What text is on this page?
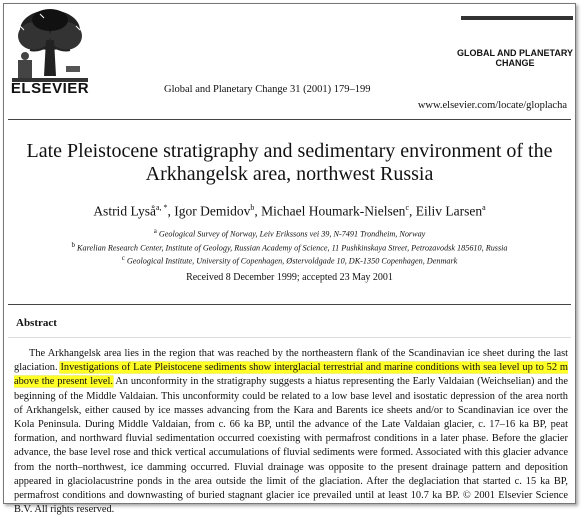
ELSEVIER	Global and Planetary Change 31 (2001) 179–199
GLOBAL AND PLANETARY
CHANGE
www.elsevier.com/locate/gloplacha
Late Pleistocene stratigraphy and sedimentary environment of the
Arkhangelsk area, northwest Russia
Astrid Lyså$^{a, *}$, Igor Demidov$^b$, Michael Houmark-Nielsen$^c$, Eiliv Larsen$^a$
$^a$ Geological Survey of Norway, Leiv Erikssons vei 39, N-7491 Trondheim, Norway
$^b$ Karelian Research Center, Institute of Geology, Russian Academy of Science, 11 Pushkinskaya Street, Petrozavodsk 185610, Russia
$^c$ Geological Institute, University of Copenhagen, Østervoldgade 10, DK-1350 Copenhagen, Denmark
Received 8 December 1999; accepted 23 May 2001
Abstract
The Arkhangelsk area lies in the region that was reached by the northeastern flank of the Scandinavian ice sheet during the last glaciation. Investigations of Late Pleistocene sediments show interglacial terrestrial and marine conditions with sea level up to 52 m above the present level. An unconformity in the stratigraphy suggests a hiatus representing the Early Valdaian (Weichselian) and the beginning of the Middle Valdaian. This unconformity could be related to a low base level and isostatic depression of the area north of Arkhangelsk, either caused by ice masses advancing from the Kara and Barents ice sheets and/or to Scandinavian ice over the Kola Peninsula. During Middle Valdaian, from c. 66 ka BP, until the advance of the Late Valdaian glacier, c. 17–16 ka BP, peat formation, and northward fluvial sedimentation occurred coexisting with permafrost conditions in a later phase. Before the glacier advance, the base level rose and thick vertical accumulations of fluvial sediments were formed. Associated with this glacier advance from the north–northwest, ice damming occurred. Fluvial drainage was opposite to the present drainage pattern and deposition appeared in glaciolacustrine ponds in the area outside the limit of the glaciation. After the deglaciation that started c. 15 ka BP, permafrost conditions and downwasting of buried stagnant glacier ice prevailed until at least 10.7 ka BP. © 2001 Elsevier Science B.V. All rights reserved.
